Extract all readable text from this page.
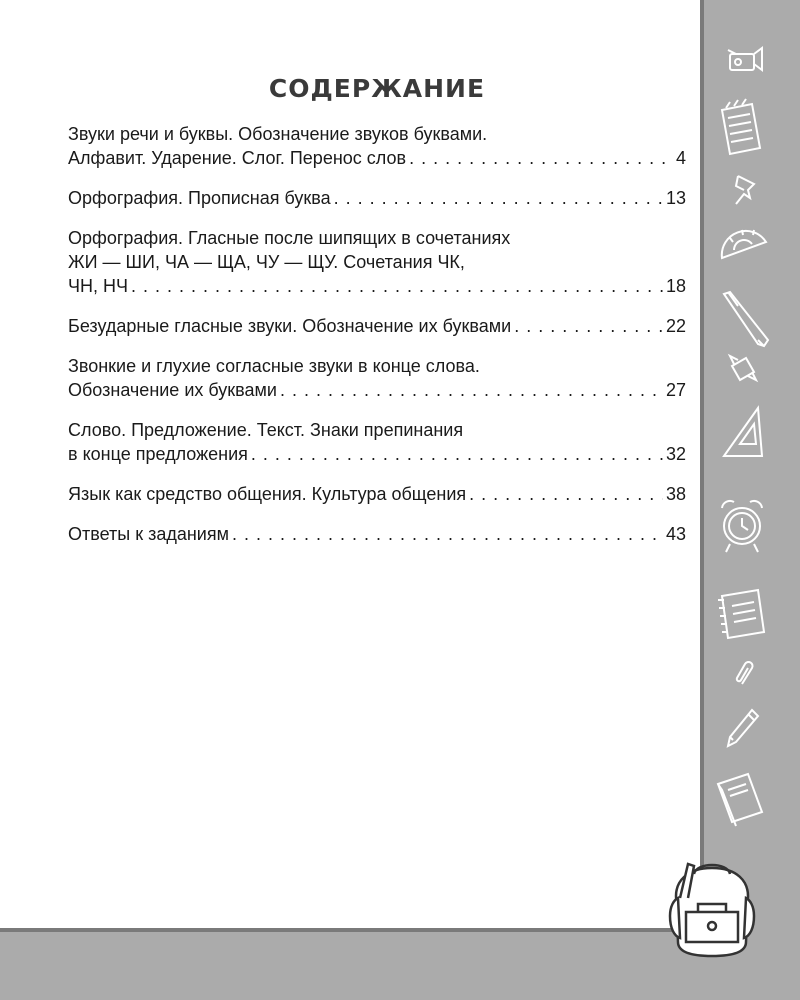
СОДЕРЖАНИЕ
Звуки речи и буквы. Обозначение звуков буквами.
Алфавит. Ударение. Слог. Перенос слов . . .	4
Орфография. Прописная буква . . .	13
Орфография. Гласные после шипящих в сочетаниях
ЖИ — ШИ, ЧА — ЩА, ЧУ — ЩУ. Сочетания ЧК,
ЧН, НЧ . . .	18
Безударные гласные звуки. Обозначение их буквами . . .	22
Звонкие и глухие согласные звуки в конце слова.
Обозначение их буквами . . .	27
Слово. Предложение. Текст. Знаки препинания
в конце предложения . . .	32
Язык как средство общения. Культура общения . . .	38
Ответы к заданиям . . .	43
